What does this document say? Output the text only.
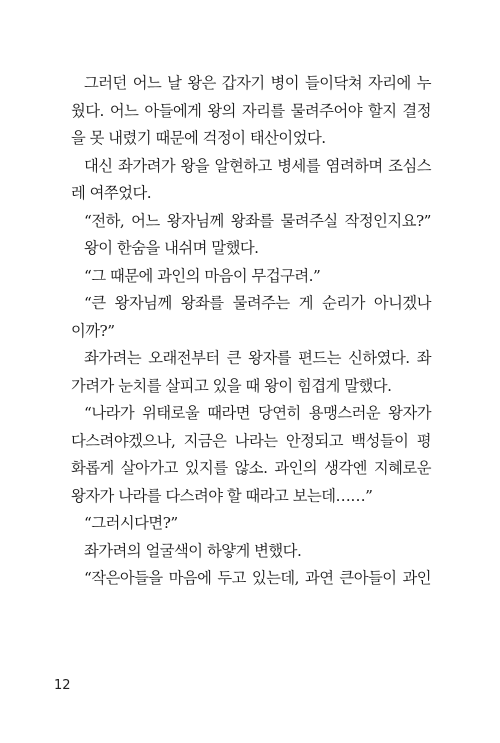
그러던 어느 날 왕은 갑자기 병이 들이닥쳐 자리에 누
웠다. 어느 아들에게 왕의 자리를 물려주어야 할지 결정
을 못 내렸기 때문에 걱정이 태산이었다.
대신 좌가려가 왕을 알현하고 병세를 염려하며 조심스
레 여쭈었다.
“전하, 어느 왕자님께 왕좌를 물려주실 작정인지요?”
왕이 한숨을 내쉬며 말했다.
“그 때문에 과인의 마음이 무겁구려.”
“큰 왕자님께 왕좌를 물려주는 게 순리가 아니겠나
이까?”
좌가려는 오래전부터 큰 왕자를 편드는 신하였다. 좌
가려가 눈치를 살피고 있을 때 왕이 힘겹게 말했다.
“나라가 위태로울 때라면 당연히 용맹스러운 왕자가
다스려야겠으나, 지금은 나라는 안정되고 백성들이 평
화롭게 살아가고 있지를 않소. 과인의 생각엔 지혜로운
왕자가 나라를 다스려야 할 때라고 보는데……”
“그러시다면?”
좌가려의 얼굴색이 하얗게 변했다.
“작은아들을 마음에 두고 있는데, 과연 큰아들이 과인
12
